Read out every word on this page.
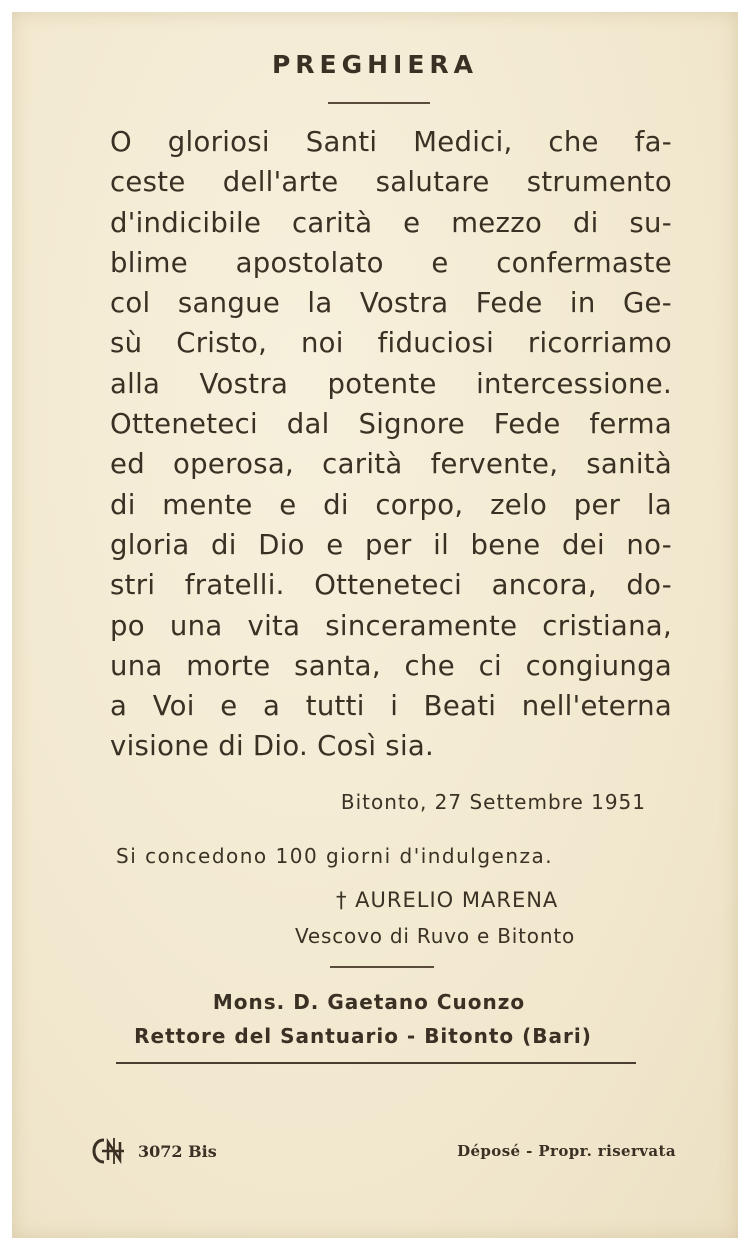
PREGHIERA
O gloriosi Santi Medici, che fa-
ceste dell'arte salutare strumento
d'indicibile carità e mezzo di su-
blime apostolato e confermaste
col sangue la Vostra Fede in Ge-
sù Cristo, noi fiduciosi ricorriamo
alla Vostra potente intercessione.
Otteneteci dal Signore Fede ferma
ed operosa, carità fervente, sanità
di mente e di corpo, zelo per la
gloria di Dio e per il bene dei no-
stri fratelli. Otteneteci ancora, do-
po una vita sinceramente cristiana,
una morte santa, che ci congiunga
a Voi e a tutti i Beati nell'eterna
visione di Dio. Così sia.
Bitonto, 27 Settembre 1951
Si concedono 100 giorni d'indulgenza.
† AURELIO MARENA
Vescovo di Ruvo e Bitonto
Mons. D. Gaetano Cuonzo
Rettore del Santuario - Bitonto (Bari)
3072 Bis	Déposé - Propr. riservata
